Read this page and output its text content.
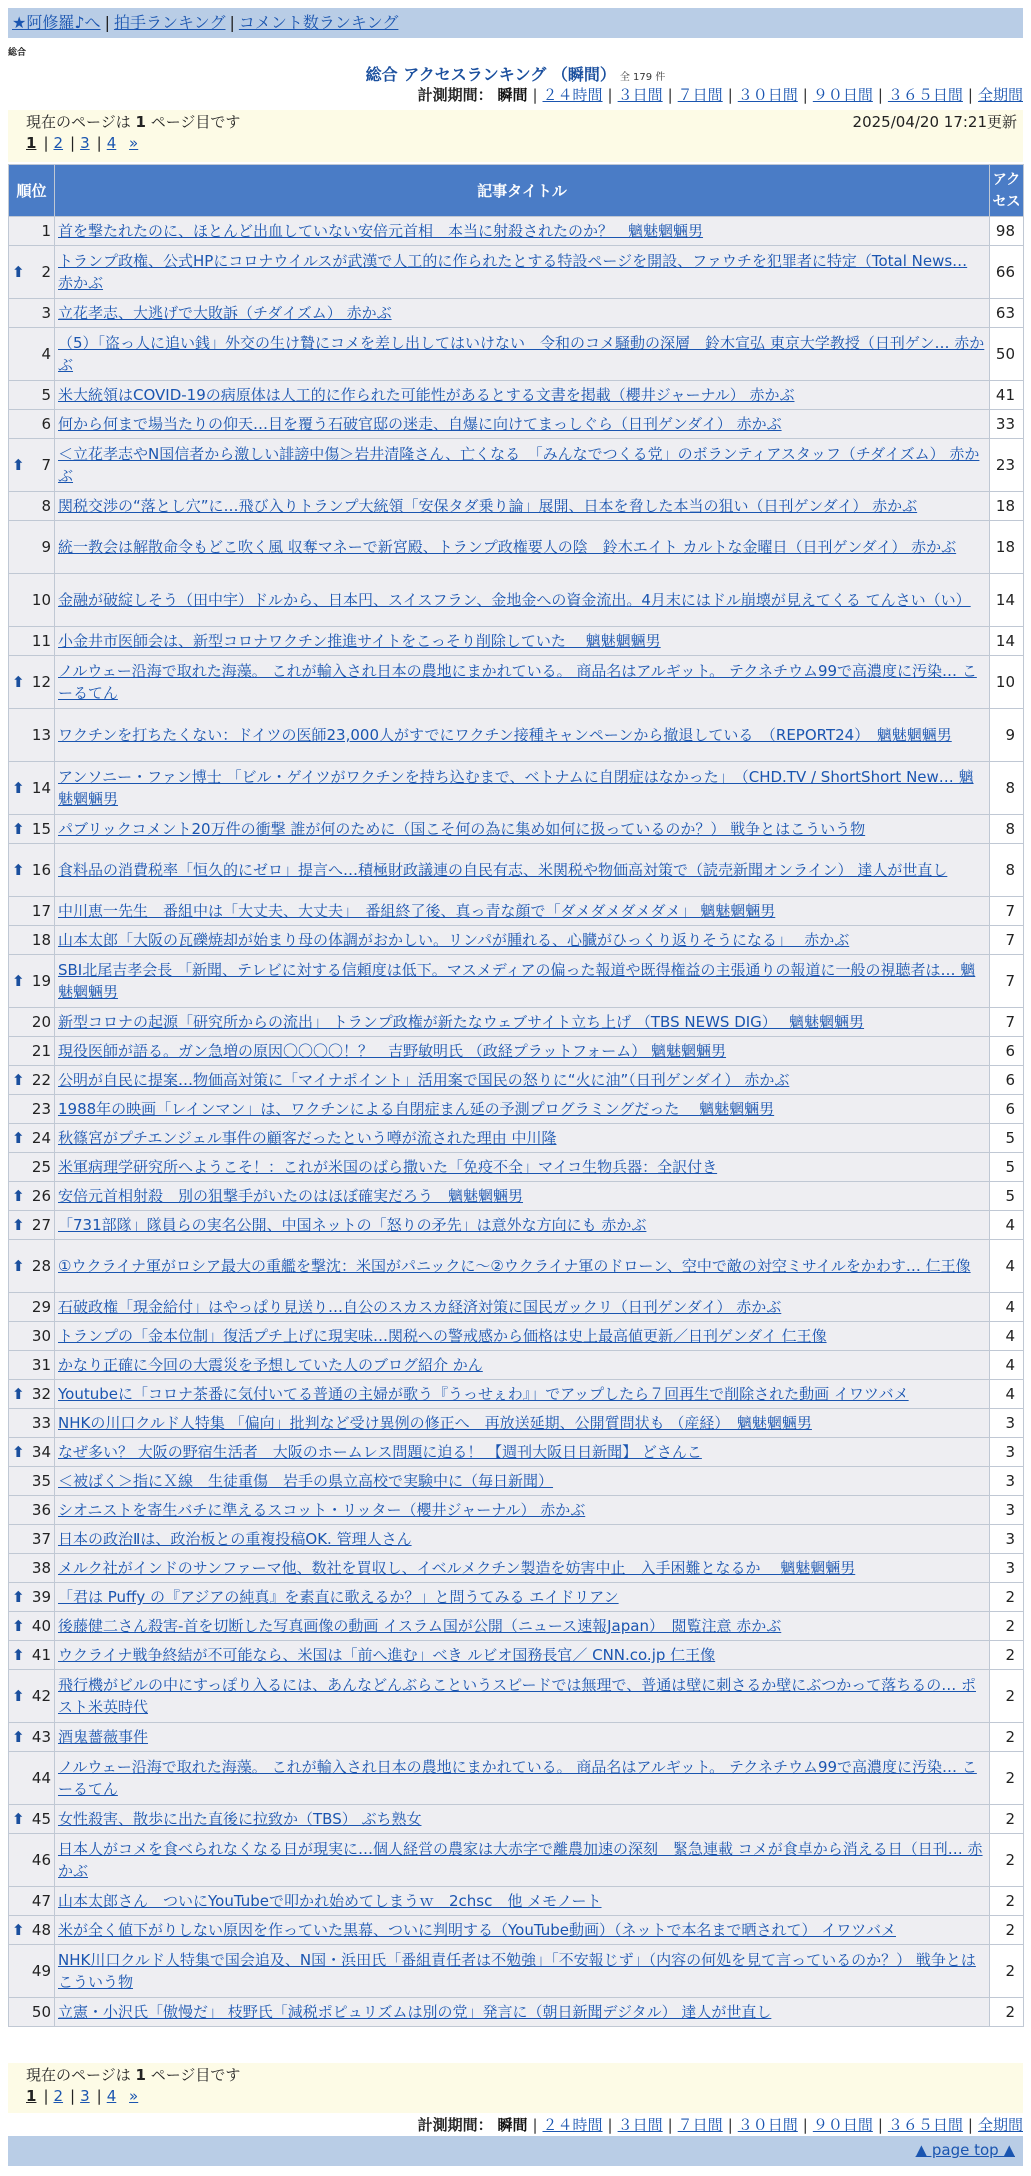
★阿修羅♪へ | 拍手ランキング | コメント数ランキング
総合
総合 アクセスランキング （瞬間） 全 179 件
計測期間： 瞬間 | ２４時間 | ３日間 | ７日間 | ３０日間 | ９０日間 | ３６５日間 | 全期間
現在のページは 1 ページ目です	2025/04/20 17:21更新
1 | 2 | 3 | 4 »
順位	記事タイトル	アクセス
1	首を撃たれたのに、ほとんど出血していない安倍元首相　本当に射殺されたのか？　魑魅魍魎男	98

⬆ 2	トランプ政権、公式HPにコロナウイルスが武漢で人工的に作られたとする特設ページを開設、ファウチを犯罪者に特定（Total News… 赤かぶ	66
3	立花孝志、大逃げで大敗訴（チダイズム） 赤かぶ	63
4	（5）「盗っ人に追い銭」外交の生け贄にコメを差し出してはいけない　令和のコメ騒動の深層　鈴木宣弘 東京大学教授（日刊ゲン… 赤かぶ	50
5	米大統領はCOVID-19の病原体は人工的に作られた可能性があるとする文書を掲載（櫻井ジャーナル） 赤かぶ	41
6	何から何まで場当たりの仰天…目を覆う石破官邸の迷走、自爆に向けてまっしぐら（日刊ゲンダイ） 赤かぶ	33

⬆ 7	＜立花孝志やN国信者から激しい誹謗中傷＞岩井清隆さん、亡くなる　「みんなでつくる党」のボランティアスタッフ（チダイズム） 赤かぶ	23
8	関税交渉の“落とし穴”に…飛び入りトランプ大統領「安保タダ乗り論」展開、日本を脅した本当の狙い（日刊ゲンダイ） 赤かぶ	18
9	統一教会は解散命令もどこ吹く風 収奪マネーで新宮殿、トランプ政権要人の陰　鈴木エイト カルトな金曜日（日刊ゲンダイ） 赤かぶ	18
10	金融が破綻しそう（田中宇）ドルから、日本円、スイスフラン、金地金への資金流出。4月末にはドル崩壊が見えてくる てんさい（い）	14
11	小金井市医師会は、新型コロナワクチン推進サイトをこっそり削除していた　 魑魅魍魎男	14

⬆ 12	ノルウェー沿海で取れた海藻。 これが輸入され日本の農地にまかれている。 商品名はアルギット。 テクネチウム99で高濃度に汚染… こーるてん	10
13	ワクチンを打ちたくない：ドイツの医師23,000人がすでにワクチン接種キャンペーンから撤退している　（REPORT24）　魑魅魍魎男	9

⬆ 14	アンソニー・ファン博士 「ビル・ゲイツがワクチンを持ち込むまで、ベトナムに自閉症はなかった」　（CHD.TV / ShortShort New… 魑魅魍魎男	8

⬆ 15	パブリックコメント20万件の衝撃 誰が何のために（国こそ何の為に集め如何に扱っているのか？） 戦争とはこういう物	8

⬆ 16	食料品の消費税率「恒久的にゼロ」提言へ…積極財政議連の自民有志、米関税や物価高対策で（読売新聞オンライン） 達人が世直し	8
17	中川恵一先生　番組中は「大丈夫、大丈夫」　番組終了後、真っ青な顔で「ダメダメダメダメ」 魑魅魍魎男	7
18	山本太郎「大阪の瓦礫焼却が始まり母の体調がおかしい。リンパが腫れる、心臓がひっくり返りそうになる」　 赤かぶ	7

⬆ 19	SBI北尾吉孝会長 「新聞、テレビに対する信頼度は低下。マスメディアの偏った報道や既得権益の主張通りの報道に一般の視聴者は… 魑魅魍魎男	7
20	新型コロナの起源「研究所からの流出」 トランプ政権が新たなウェブサイト立ち上げ （TBS NEWS DIG）　 魑魅魍魎男	7
21	現役医師が語る。ガン急増の原因〇〇〇〇！？　吉野敏明氏 （政経プラットフォーム） 魑魅魍魎男	6

⬆ 22	公明が自民に提案…物価高対策に「マイナポイント」活用案で国民の怒りに“火に油”（日刊ゲンダイ） 赤かぶ	6
23	1988年の映画「レインマン」は、ワクチンによる自閉症まん延の予測プログラミングだった　 魑魅魍魎男	6

⬆ 24	秋篠宮がプチエンジェル事件の顧客だったという噂が流された理由 中川隆	5
25	米軍病理学研究所へようこそ！：これが米国のばら撒いた「免疫不全」マイコ生物兵器：全訳付き	5

⬆ 26	安倍元首相射殺　別の狙撃手がいたのはほぼ確実だろう　魑魅魍魎男	5

⬆ 27	「731部隊」隊員らの実名公開、中国ネットの「怒りの矛先」は意外な方向にも 赤かぶ	4

⬆ 28	①ウクライナ軍がロシア最大の重艦を撃沈：米国がパニックに〜②ウクライナ軍のドローン、空中で敵の対空ミサイルをかわす… 仁王像	4
29	石破政権「現金給付」はやっぱり見送り…自公のスカスカ経済対策に国民ガックリ（日刊ゲンダイ） 赤かぶ	4
30	トランプの「金本位制」復活プチ上げに現実味…関税への警戒感から価格は史上最高値更新／日刊ゲンダイ 仁王像	4
31	かなり正確に今回の大震災を予想していた人のブログ紹介 かん	4

⬆ 32	Youtubeに「コロナ茶番に気付いてる普通の主婦が歌う『うっせぇわ』」でアップしたら７回再生で削除された動画 イワツバメ	4
33	NHKの川口クルド人特集 「偏向」批判など受け異例の修正へ　再放送延期、公開質問状も （産経）　魑魅魍魎男	3

⬆ 34	なぜ多い？ 大阪の野宿生活者　大阪のホームレス問題に迫る！ 【週刊大阪日日新聞】 どさんこ	3
35	＜被ばく＞指にＸ線　生徒重傷　岩手の県立高校で実験中に（毎日新聞）	3
36	シオニストを寄生バチに準えるスコット・リッター（櫻井ジャーナル） 赤かぶ	3
37	日本の政治Ⅱは、政治板との重複投稿OK. 管理人さん	3
38	メルク社がインドのサンファーマ他、数社を買収し、イベルメクチン製造を妨害中止　入手困難となるか　 魑魅魍魎男	3

⬆ 39	「君は Puffy の『アジアの純真』を素直に歌えるか？」と問うてみる エイドリアン	2

⬆ 40	後藤健二さん殺害-首を切断した写真画像の動画 イスラム国が公開（ニュース速報Japan）　閲覧注意 赤かぶ	2

⬆ 41	ウクライナ戦争終結が不可能なら、米国は「前へ進む」べき ルビオ国務長官／ CNN.co.jp 仁王像	2

⬆ 42	飛行機がビルの中にすっぽり入るには、あんなどんぶらこというスピードでは無理で、普通は壁に刺さるか壁にぶつかって落ちるの… ポスト米英時代	2

⬆ 43	酒鬼薔薇事件	2
44	ノルウェー沿海で取れた海藻。 これが輸入され日本の農地にまかれている。 商品名はアルギット。 テクネチウム99で高濃度に汚染… こーるてん	2

⬆ 45	女性殺害、散歩に出た直後に拉致か（TBS） ぶち熟女	2
46	日本人がコメを食べられなくなる日が現実に…個人経営の農家は大赤字で離農加速の深刻　緊急連載 コメが食卓から消える日（日刊… 赤かぶ	2
47	山本太郎さん　ついにYouTubeで叩かれ始めてしまうｗ　2chsc　他 メモノート	2

⬆ 48	米が全く値下がりしない原因を作っていた黒幕、ついに判明する（YouTube動画）（ネットで本名まで晒されて） イワツバメ	2
49	NHK川口クルド人特集で国会追及、N国・浜田氏「番組責任者は不勉強」「不安報じず」（内容の何処を見て言っているのか？） 戦争とはこういう物	2
50	立憲・小沢氏「傲慢だ」 枝野氏「減税ポピュリズムは別の党」発言に（朝日新聞デジタル） 達人が世直し	2
現在のページは 1 ページ目です
1 | 2 | 3 | 4 »
計測期間： 瞬間 | ２４時間 | ３日間 | ７日間 | ３０日間 | ９０日間 | ３６５日間 | 全期間
▲ page top ▲
